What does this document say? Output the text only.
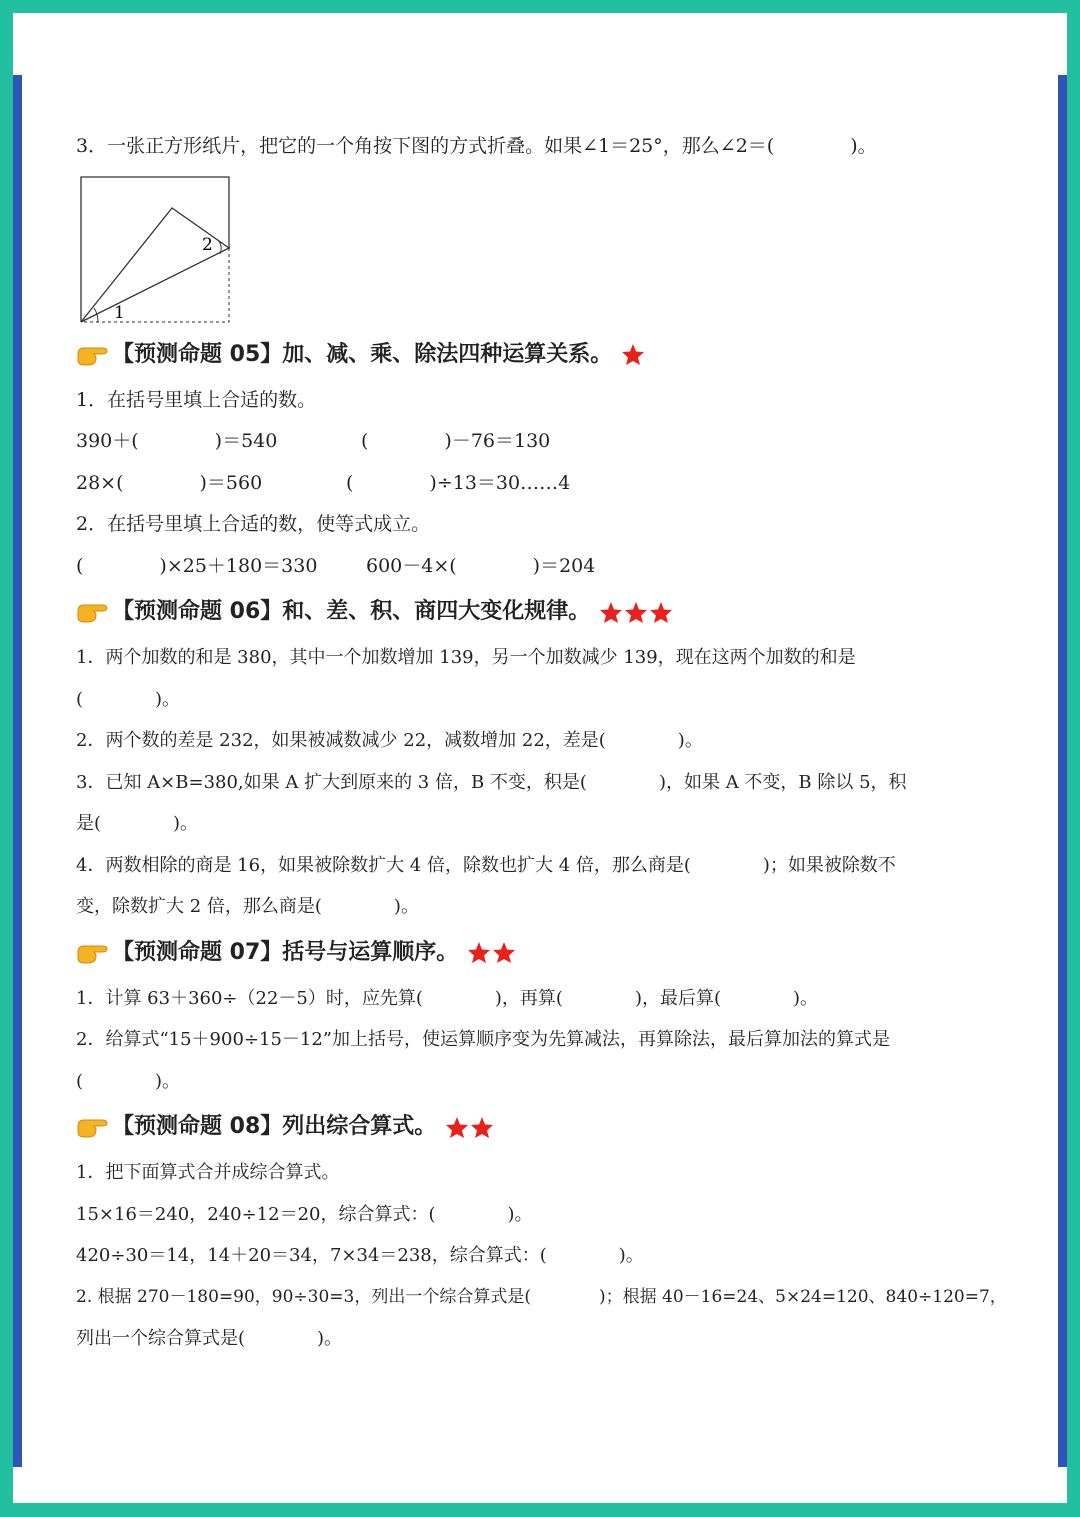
3．一张正方形纸片，把它的一个角按下图的方式折叠。如果∠1＝25°，那么∠2＝(　　　　)。
1
2
【预测命题 05】加、减、乘、除法四种运算关系。
1．在括号里填上合适的数。
390＋(　　　　)＝540	(　　　　)－76＝130
28×(　　　　)＝560	(　　　　)÷13＝30……4
2．在括号里填上合适的数，使等式成立。
(　　　　)×25＋180＝330	600－4×(　　　　)＝204
【预测命题 06】和、差、积、商四大变化规律。
1．两个加数的和是 380，其中一个加数增加 139，另一个加数减少 139，现在这两个加数的和是
(　　　　)。
2．两个数的差是 232，如果被减数减少 22，减数增加 22，差是(　　　　)。
3．已知 A×B=380,如果 A 扩大到原来的 3 倍，B 不变，积是(　　　　)，如果 A 不变，B 除以 5，积
是(　　　　)。
4．两数相除的商是 16，如果被除数扩大 4 倍，除数也扩大 4 倍，那么商是(　　　　)；如果被除数不
变，除数扩大 2 倍，那么商是(　　　　)。
【预测命题 07】括号与运算顺序。
1．计算 63＋360÷（22－5）时，应先算(　　　　)，再算(　　　　)，最后算(　　　　)。
2．给算式“15＋900÷15－12”加上括号，使运算顺序变为先算减法，再算除法，最后算加法的算式是
(　　　　)。
【预测命题 08】列出综合算式。
1．把下面算式合并成综合算式。
15×16＝240，240÷12＝20，综合算式：(　　　　)。
420÷30＝14，14＋20＝34，7×34＝238，综合算式：(　　　　)。
2. 根据 270－180=90，90÷30=3，列出一个综合算式是(　　　　)；根据 40－16=24、5×24=120、840÷120=7，
列出一个综合算式是(　　　　)。
